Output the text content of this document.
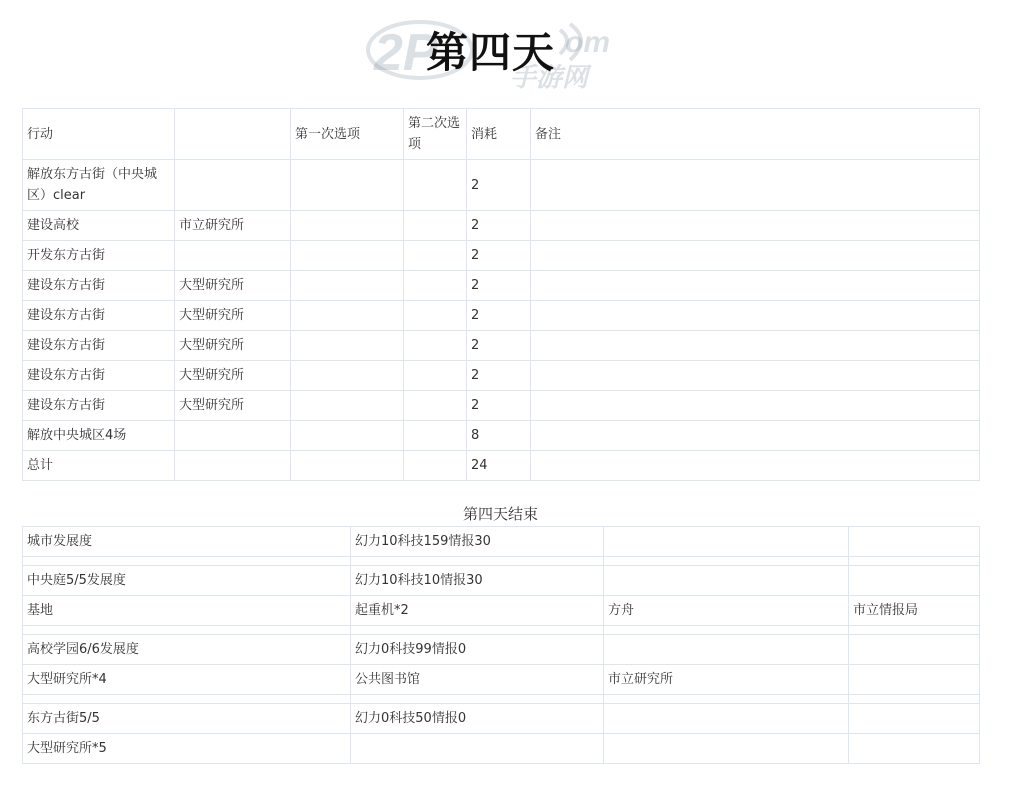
2P	om
手游网
第四天
行动		第一次选项	第二次选项	消耗	备注
解放东方古街（中央城区）clear				2	
建设高校	市立研究所			2	
开发东方古街				2	
建设东方古街	大型研究所			2	
建设东方古街	大型研究所			2	
建设东方古街	大型研究所			2	
建设东方古街	大型研究所			2	
建设东方古街	大型研究所			2	
解放中央城区4场				8	
总计				24	
第四天结束
城市发展度	幻力10科技159情报30		

中央庭5/5发展度	幻力10科技10情报30		
基地	起重机*2	方舟	市立情报局

高校学园6/6发展度	幻力0科技99情报0		
大型研究所*4	公共图书馆	市立研究所	

东方古街5/5	幻力0科技50情报0		
大型研究所*5			
